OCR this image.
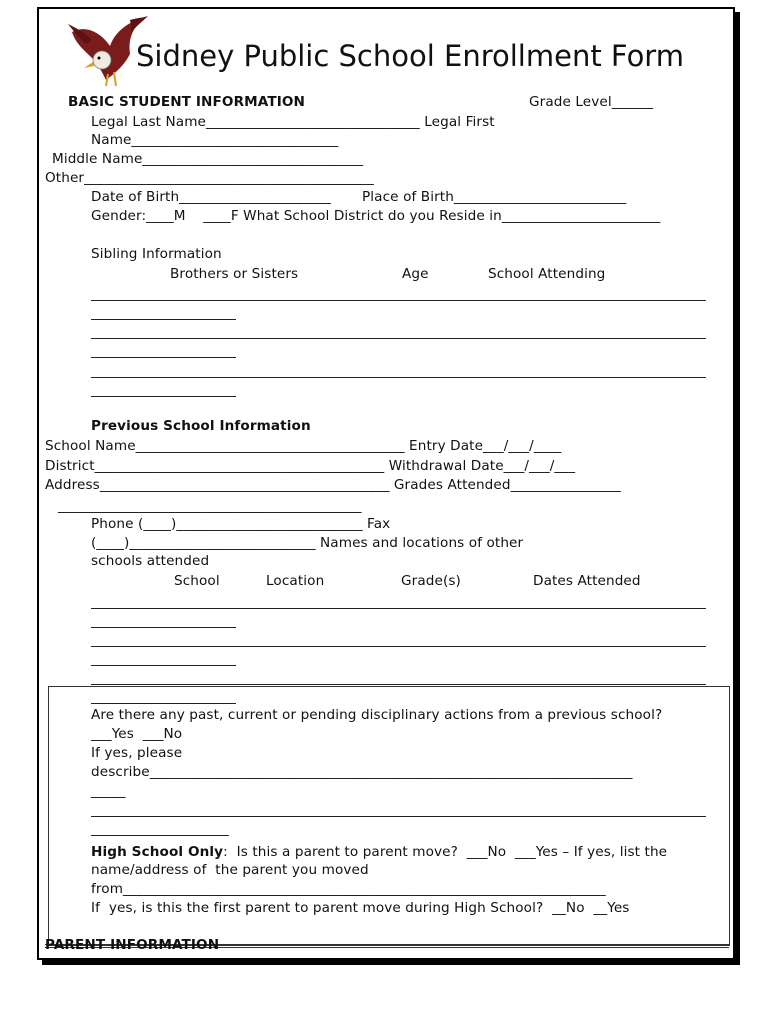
Sidney Public School Enrollment Form
BASIC STUDENT INFORMATION	Grade Level______
Legal Last Name_______________________________ Legal First
Name______________________________
Middle Name________________________________
Other__________________________________________
Date of Birth______________________ Place of Birth_________________________
Gender:____M    ____F What School District do you Reside in_______________________
Sibling Information
Brothers or Sisters	Age	School Attending
Previous School Information
School Name_______________________________________ Entry Date___/___/____
District__________________________________________ Withdrawal Date___/___/___
Address__________________________________________ Grades Attended________________
____________________________________________
Phone (____)___________________________ Fax
(____)___________________________ Names and locations of other
schools attended
School	Location	Grade(s)	Dates Attended
Are there any past, current or pending disciplinary actions from a previous school?
___Yes  ___No
If yes, please
describe______________________________________________________________________
_____
____________________
High School Only:  Is this a parent to parent move?  ___No  ___Yes – If yes, list the
name/address of  the parent you moved
from______________________________________________________________________
If  yes, is this the first parent to parent move during High School?  __No  __Yes
PARENT INFORMATION
